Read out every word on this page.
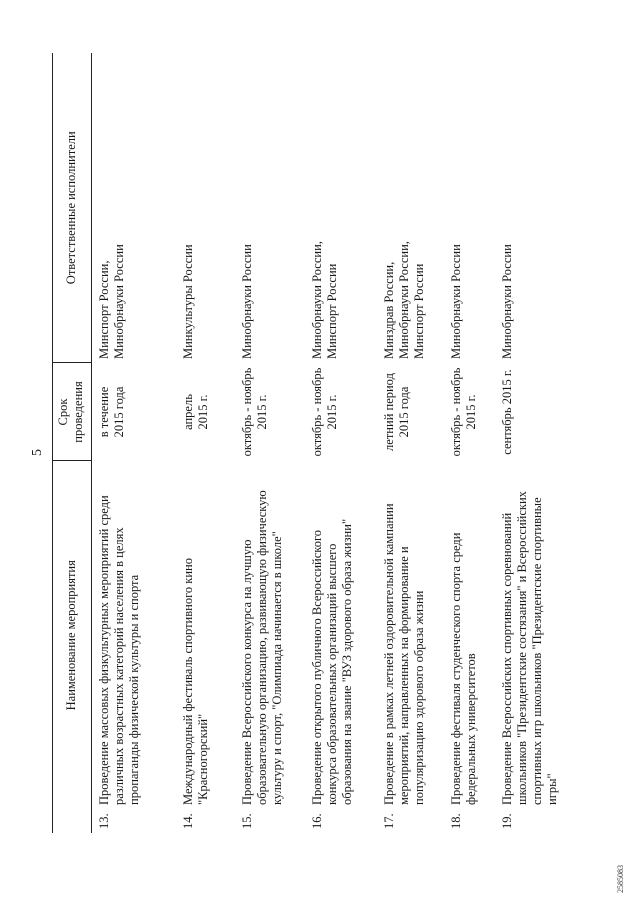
5
	Наименование мероприятия	Срок проведения	Ответственные исполнители
13.	Проведение массовых физкультурных мероприятий среди различных возрастных категорий населения в целях пропаганды физической культуры и спорта	в течение 2015 года	Минспорт России, Минобрнауки России

14.	Международный фестиваль спортивного кино "Красногорский"	апрель 2015 г.	Минкультуры России

15.	Проведение Всероссийского конкурса на лучшую образовательную организацию, развивающую физическую культуру и спорт, "Олимпиада начинается в школе"	октябрь - ноябрь 2015 г.	Минобрнауки России

16.	Проведение открытого публичного Всероссийского конкурса образовательных организаций высшего образования на звание "ВУЗ здорового образа жизни"	октябрь - ноябрь 2015 г.	Минобрнауки России, Минспорт России

17.	Проведение в рамках летней оздоровительной кампании мероприятий, направленных на формирование и популяризацию здорового образа жизни	летний период 2015 года	Минздрав России, Минобрнауки России, Минспорт России

18.	Проведение фестиваля студенческого спорта среди федеральных университетов	октябрь - ноябрь 2015 г.	Минобрнауки России

19.	Проведение Всероссийских спортивных соревнований школьников "Президентские состязания" и Всероссийских спортивных игр школьников "Президентские спортивные игры"	сентябрь 2015 г.	Минобрнауки России
2585083
